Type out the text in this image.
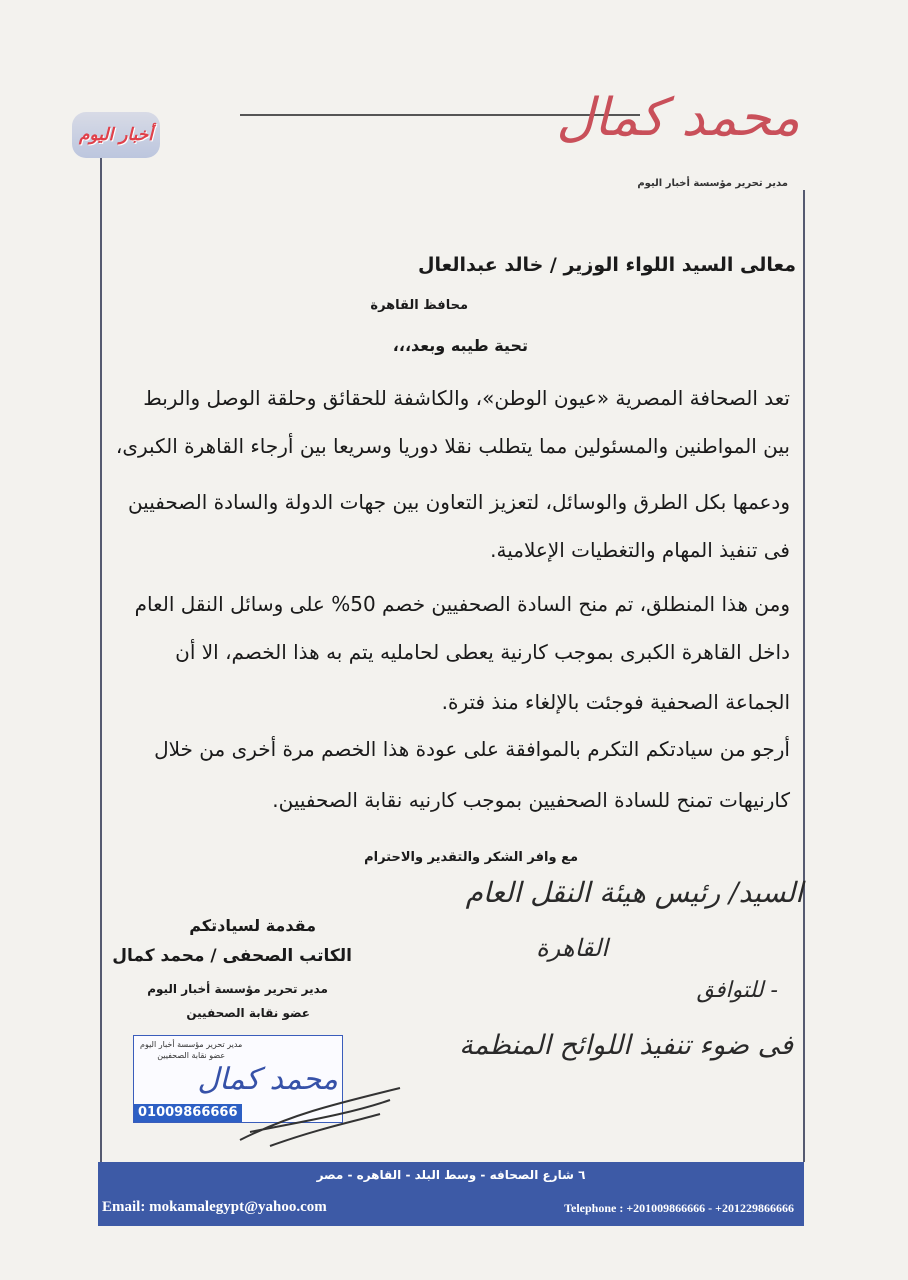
أخبار اليوم	محمد كمال
مدير تحرير مؤسسة أخبار اليوم
معالى السيد اللواء الوزير / خالد عبدالعال
محافظ القاهرة
تحية طيبه وبعد،،،
تعد الصحافة المصرية «عيون الوطن»، والكاشفة للحقائق وحلقة الوصل والربط
بين المواطنين والمسئولين مما يتطلب نقلا دوريا وسريعا بين أرجاء القاهرة الكبرى،
ودعمها بكل الطرق والوسائل، لتعزيز التعاون بين جهات الدولة والسادة الصحفيين
فى تنفيذ المهام والتغطيات الإعلامية.
ومن هذا المنطلق، تم منح السادة الصحفيين خصم 50% على وسائل النقل العام
داخل القاهرة الكبرى بموجب كارنية يعطى لحامليه يتم به هذا الخصم، الا أن
الجماعة الصحفية فوجئت بالإلغاء منذ فترة.
أرجو من سيادتكم التكرم بالموافقة على عودة هذا الخصم مرة أخرى من خلال
كارنيهات تمنح للسادة الصحفيين بموجب كارنيه نقابة الصحفيين.
مع وافر الشكر والتقدير والاحترام
مقدمة لسيادتكم
الكاتب الصحفى / محمد كمال
مدير تحرير مؤسسة أخبار اليوم
عضو نقابة الصحفيين
السيد/ رئيس هيئة النقل العام
القاهرة
- للتوافق
فى ضوء تنفيذ اللوائح المنظمة
مدير تحرير مؤسسة أخبار اليوم
عضو نقابة الصحفيين
محمد كمال
01009866666
٦ شارع الصحافه - وسط البلد - القاهره - مصر
Email: mokamalegypt@yahoo.com	Telephone : +201009866666 - +201229866666
